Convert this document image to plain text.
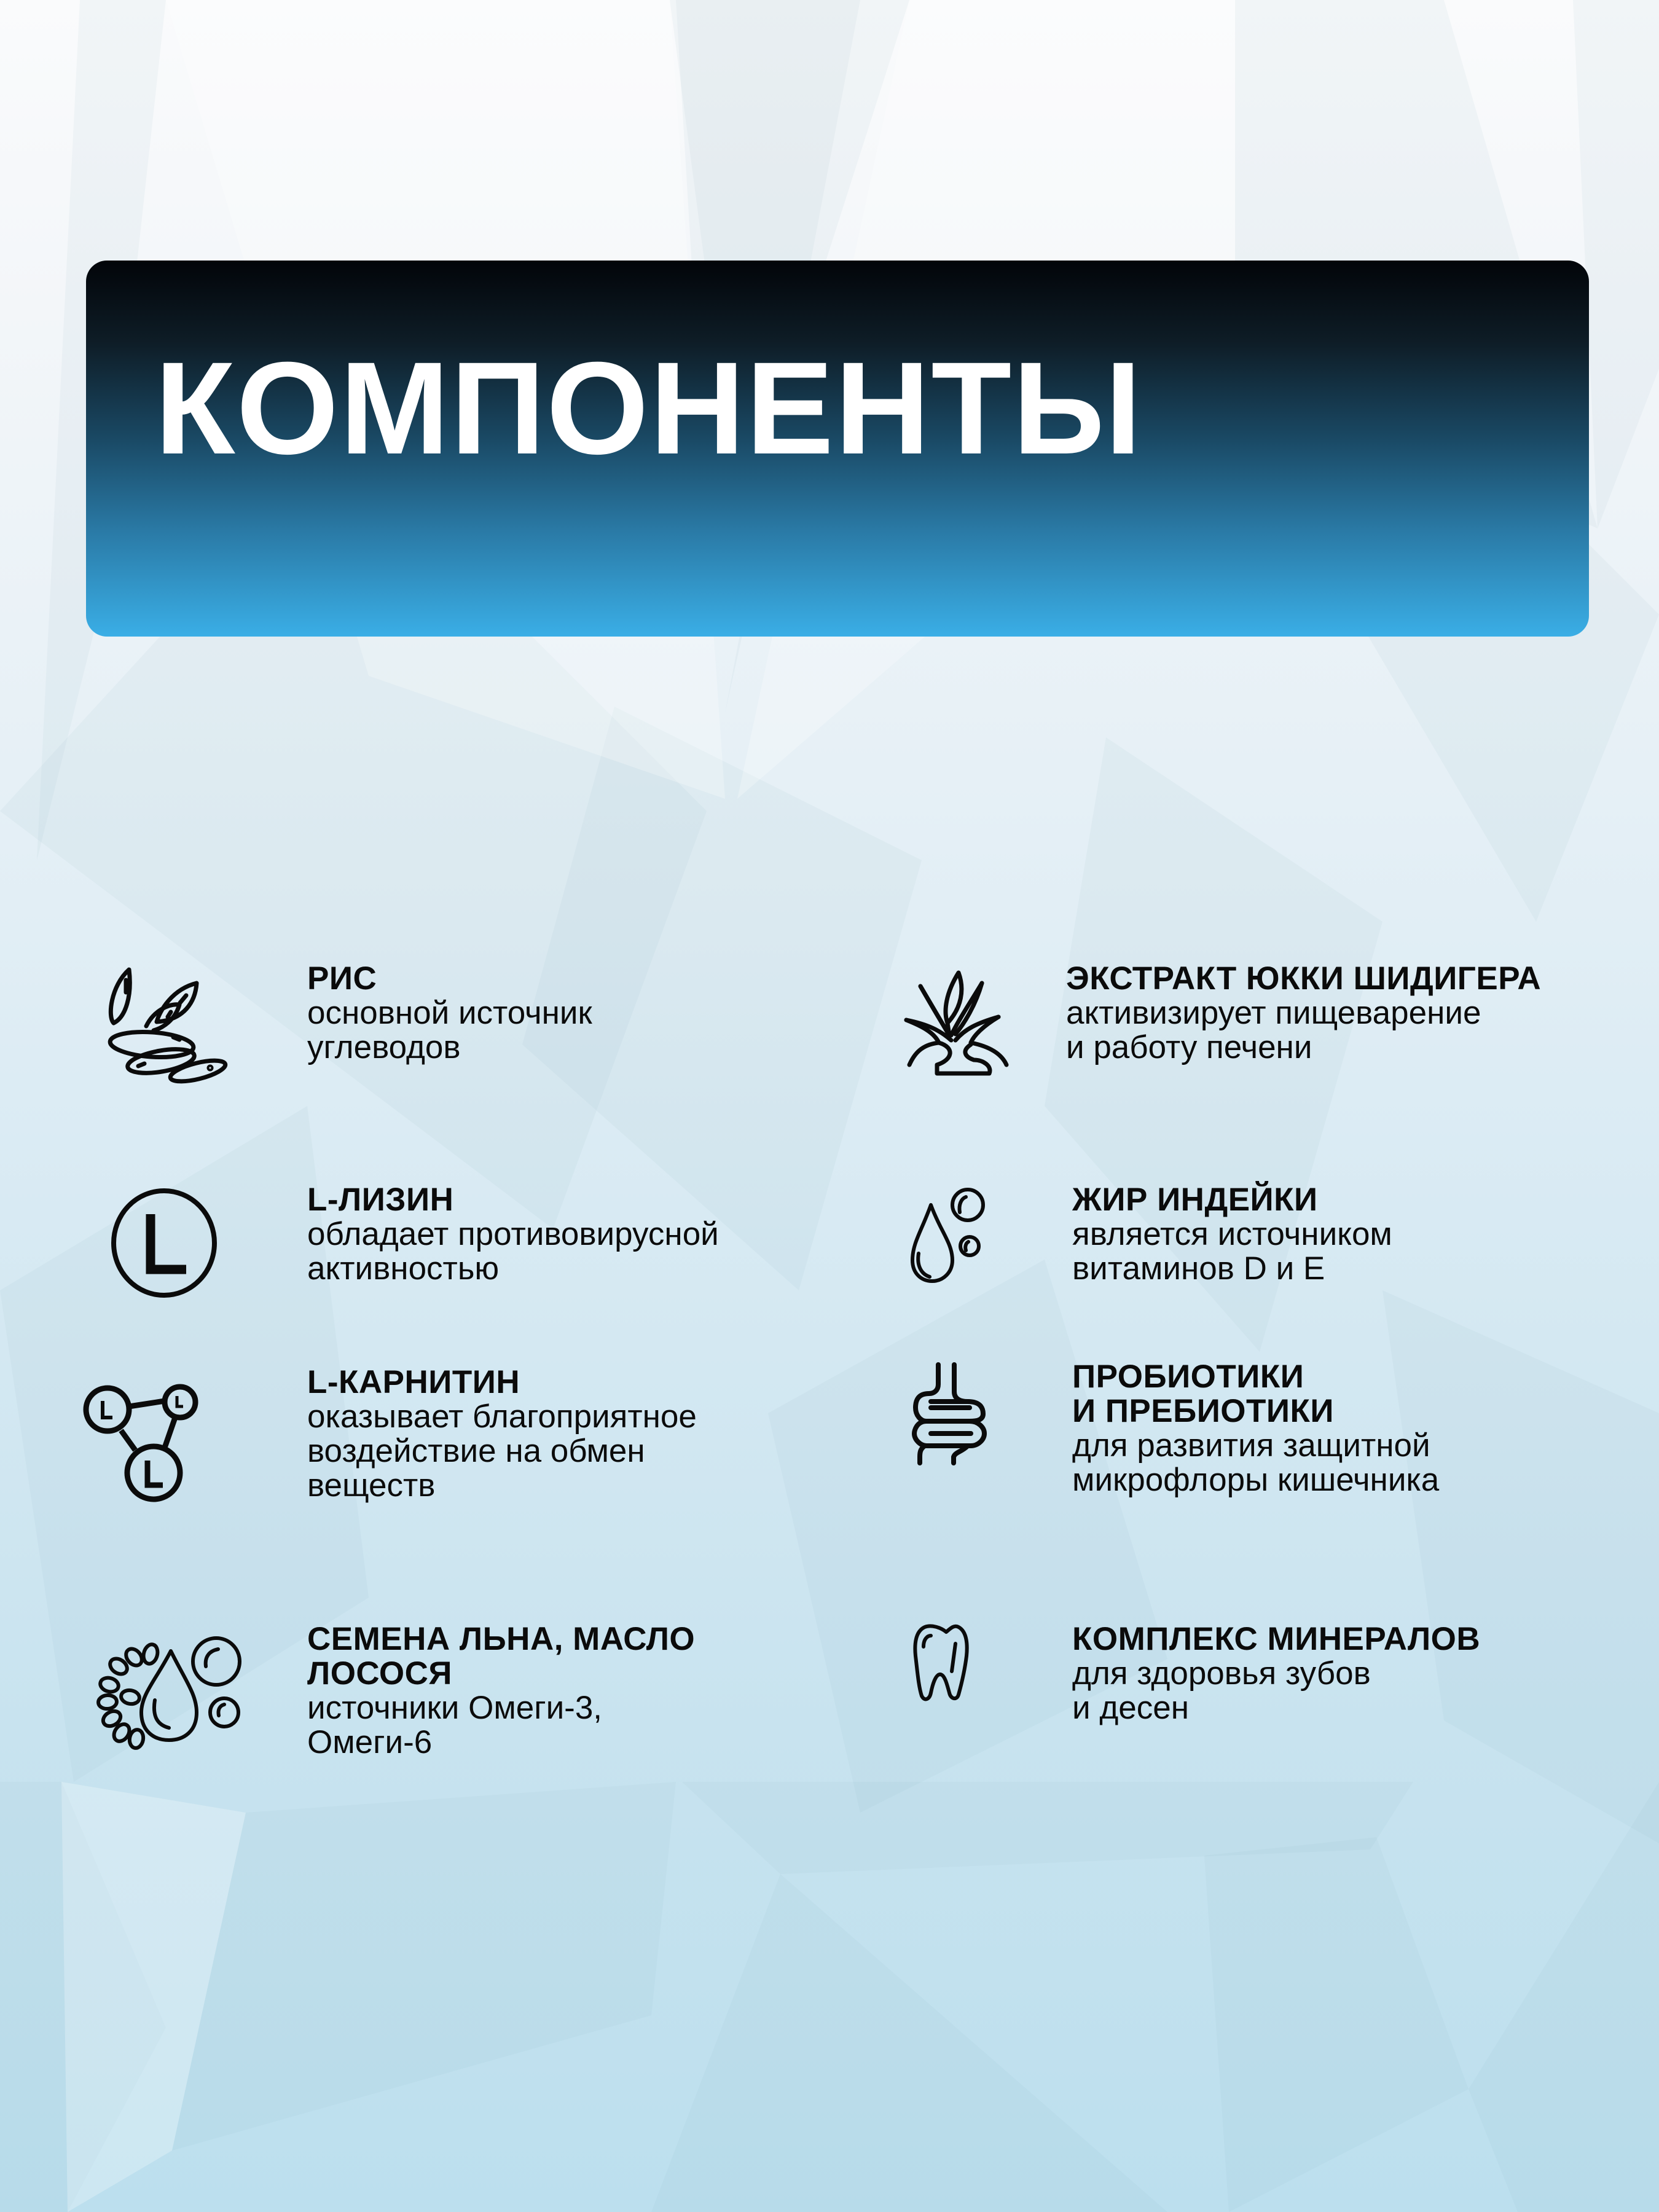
КОМПОНЕНТЫ
РИС
основной источник
углеводов
ЭКСТРАКТ ЮККИ ШИДИГЕРА
активизирует пищеварение
и работу печени
L-ЛИЗИН
обладает противовирусной
активностью
ЖИР ИНДЕЙКИ
является источником
витаминов D и E
L-КАРНИТИН
оказывает благоприятное
воздействие на обмен
веществ
ПРОБИОТИКИ
И ПРЕБИОТИКИ
для развития защитной
микрофлоры кишечника
СЕМЕНА ЛЬНА, МАСЛО
ЛОСОСЯ
источники Омеги-3,
Омеги-6
КОМПЛЕКС МИНЕРАЛОВ
для здоровья зубов
и десен
